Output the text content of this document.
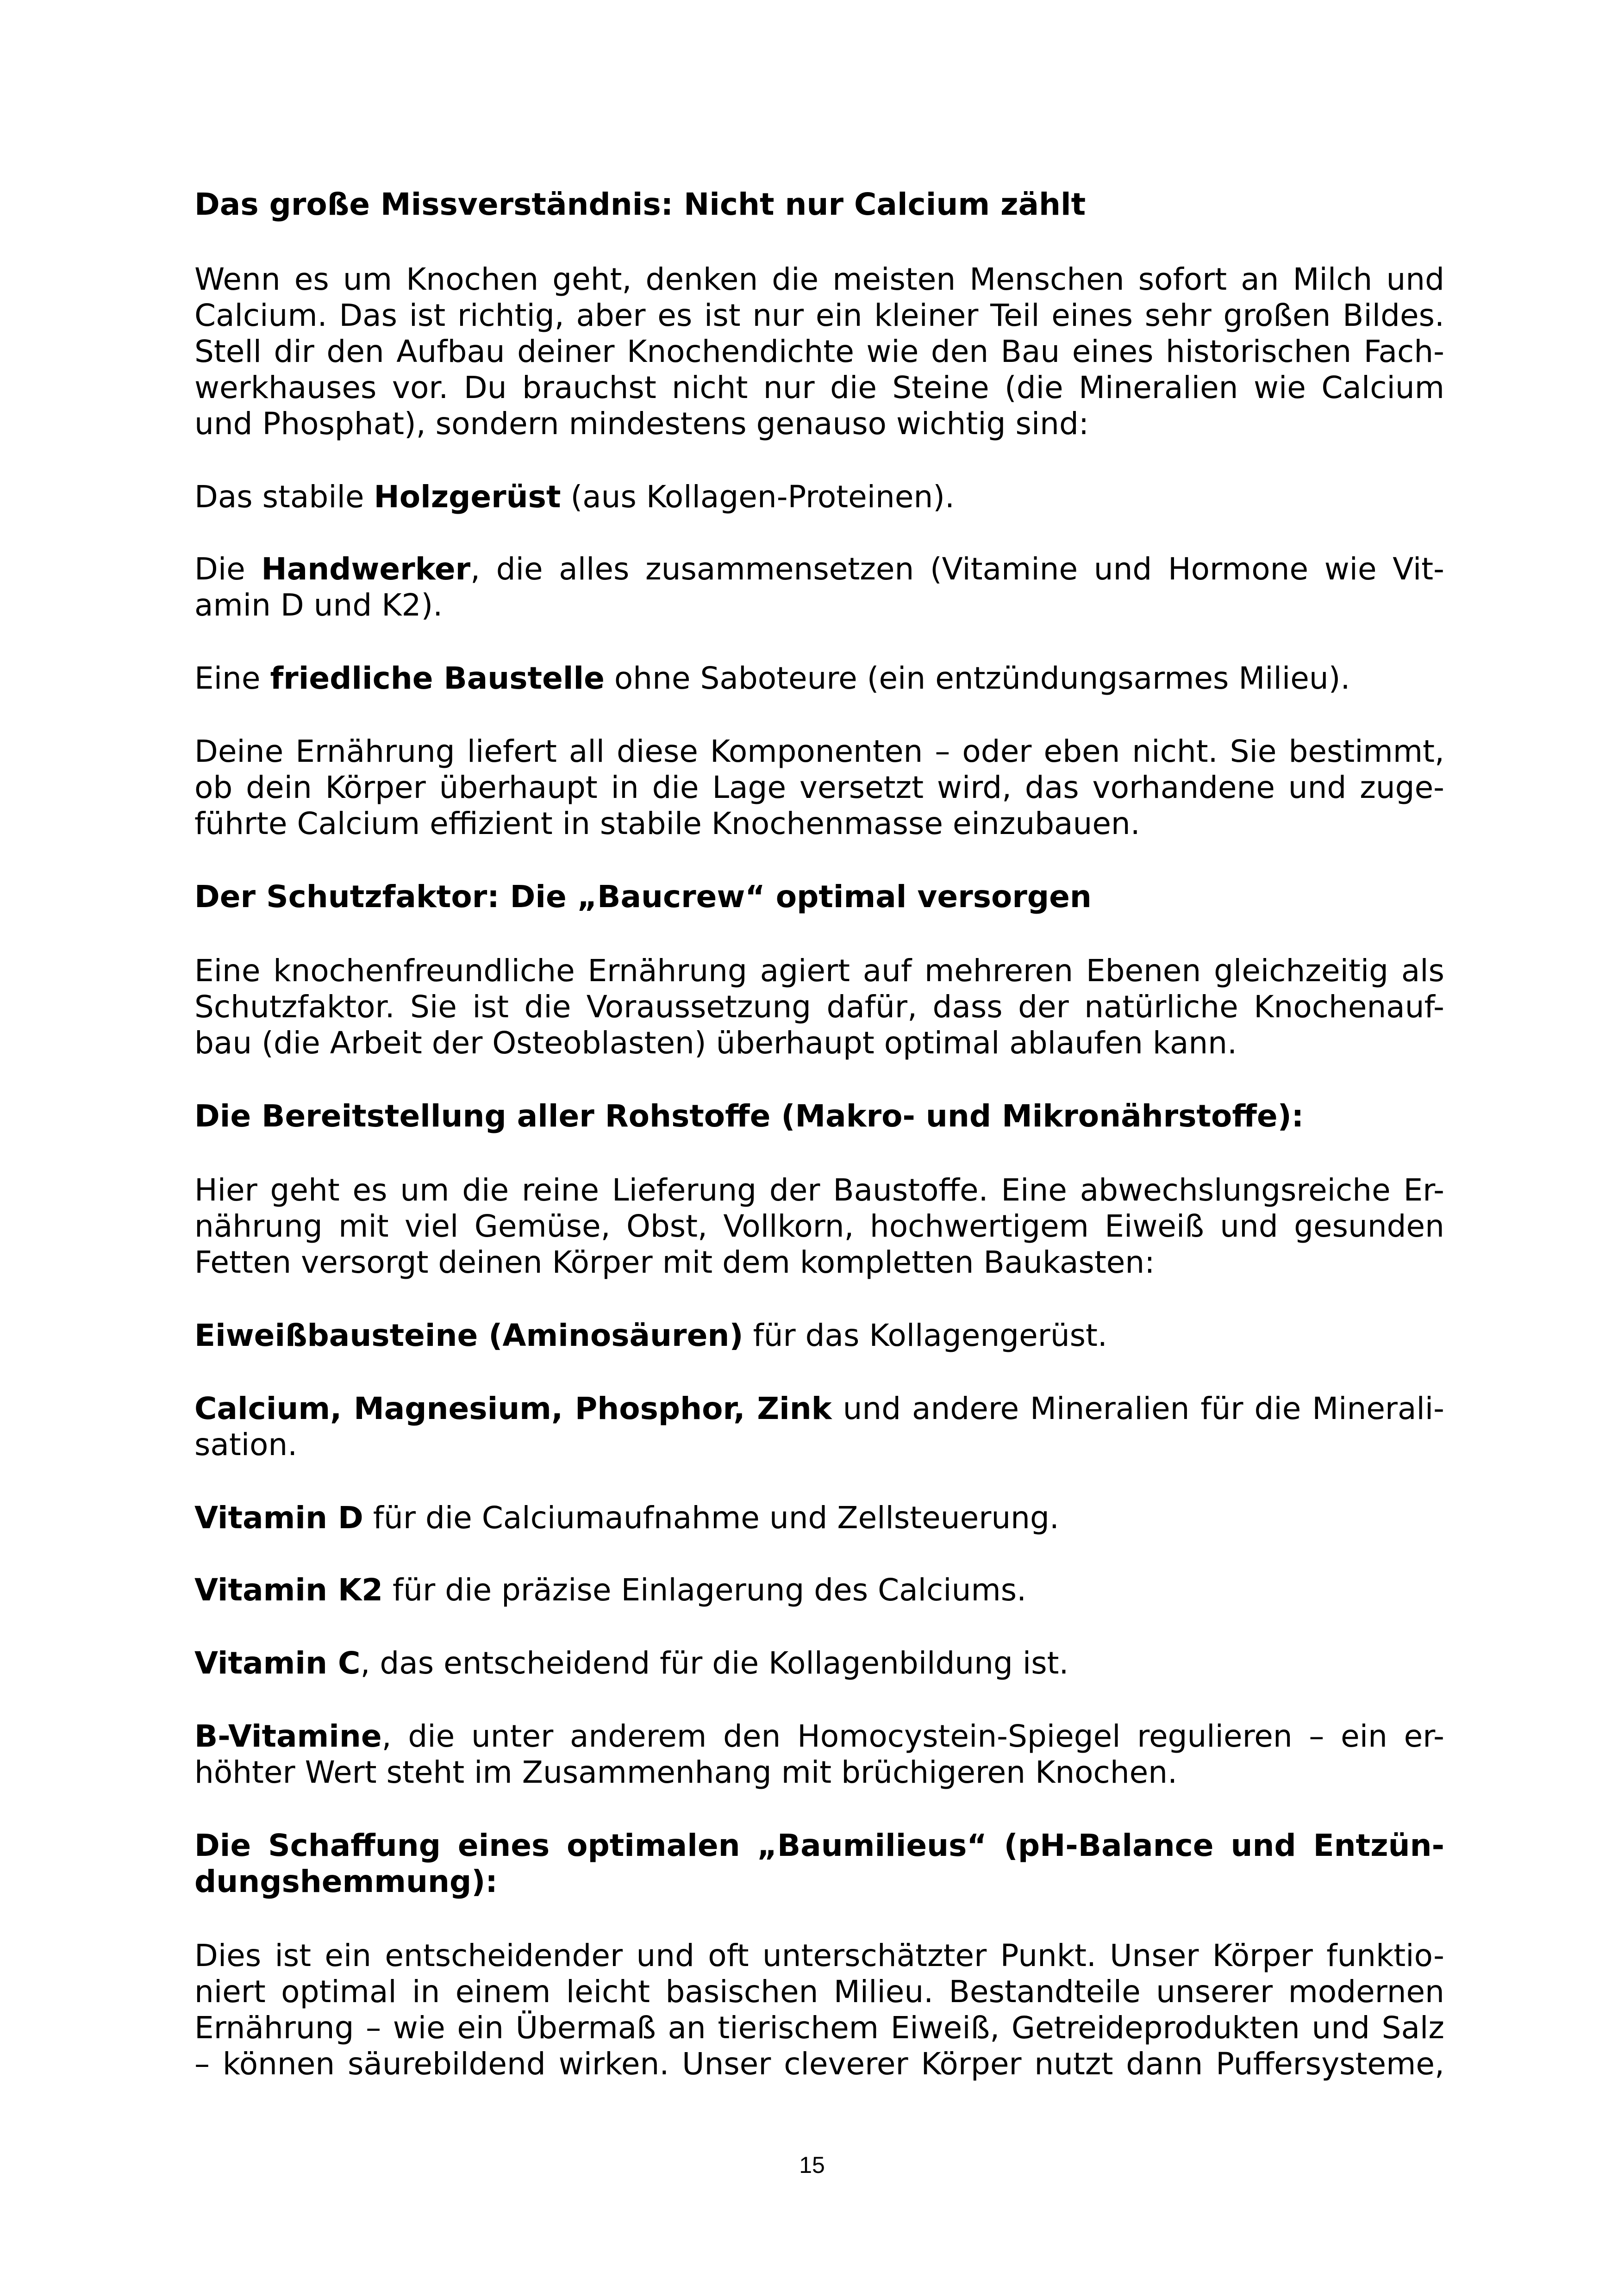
Das große Missverständnis: Nicht nur Calcium zählt

Wenn es um Knochen geht, denken die meisten Menschen sofort an Milch und
Calcium. Das ist richtig, aber es ist nur ein kleiner Teil eines sehr großen Bildes.
Stell dir den Aufbau deiner Knochendichte wie den Bau eines historischen Fach-
werkhauses vor. Du brauchst nicht nur die Steine (die Mineralien wie Calcium
und Phosphat), sondern mindestens genauso wichtig sind:

Das stabile Holzgerüst (aus Kollagen-Proteinen).

Die Handwerker, die alles zusammensetzen (Vitamine und Hormone wie Vit-
amin D und K2).

Eine friedliche Baustelle ohne Saboteure (ein entzündungsarmes Milieu).

Deine Ernährung liefert all diese Komponenten – oder eben nicht. Sie bestimmt,
ob dein Körper überhaupt in die Lage versetzt wird, das vorhandene und zuge-
führte Calcium effizient in stabile Knochenmasse einzubauen.

Der Schutzfaktor: Die „Baucrew“ optimal versorgen

Eine knochenfreundliche Ernährung agiert auf mehreren Ebenen gleichzeitig als
Schutzfaktor. Sie ist die Voraussetzung dafür, dass der natürliche Knochenauf-
bau (die Arbeit der Osteoblasten) überhaupt optimal ablaufen kann.

Die Bereitstellung aller Rohstoffe (Makro- und Mikronährstoffe):

Hier geht es um die reine Lieferung der Baustoffe. Eine abwechslungsreiche Er-
nährung mit viel Gemüse, Obst, Vollkorn, hochwertigem Eiweiß und gesunden
Fetten versorgt deinen Körper mit dem kompletten Baukasten:

Eiweißbausteine (Aminosäuren) für das Kollagengerüst.

Calcium, Magnesium, Phosphor, Zink und andere Mineralien für die Minerali-
sation.

Vitamin D für die Calciumaufnahme und Zellsteuerung.

Vitamin K2 für die präzise Einlagerung des Calciums.

Vitamin C, das entscheidend für die Kollagenbildung ist.

B-Vitamine, die unter anderem den Homocystein-Spiegel regulieren – ein er-
höhter Wert steht im Zusammenhang mit brüchigeren Knochen.
Die Schaffung eines optimalen „Baumilieus“ (pH-Balance und Entzün-
dungshemmung):
Dies ist ein entscheidender und oft unterschätzter Punkt. Unser Körper funktio-
niert optimal in einem leicht basischen Milieu. Bestandteile unserer modernen
Ernährung – wie ein Übermaß an tierischem Eiweiß, Getreideprodukten und Salz
– können säurebildend wirken. Unser cleverer Körper nutzt dann Puffersysteme,
15
